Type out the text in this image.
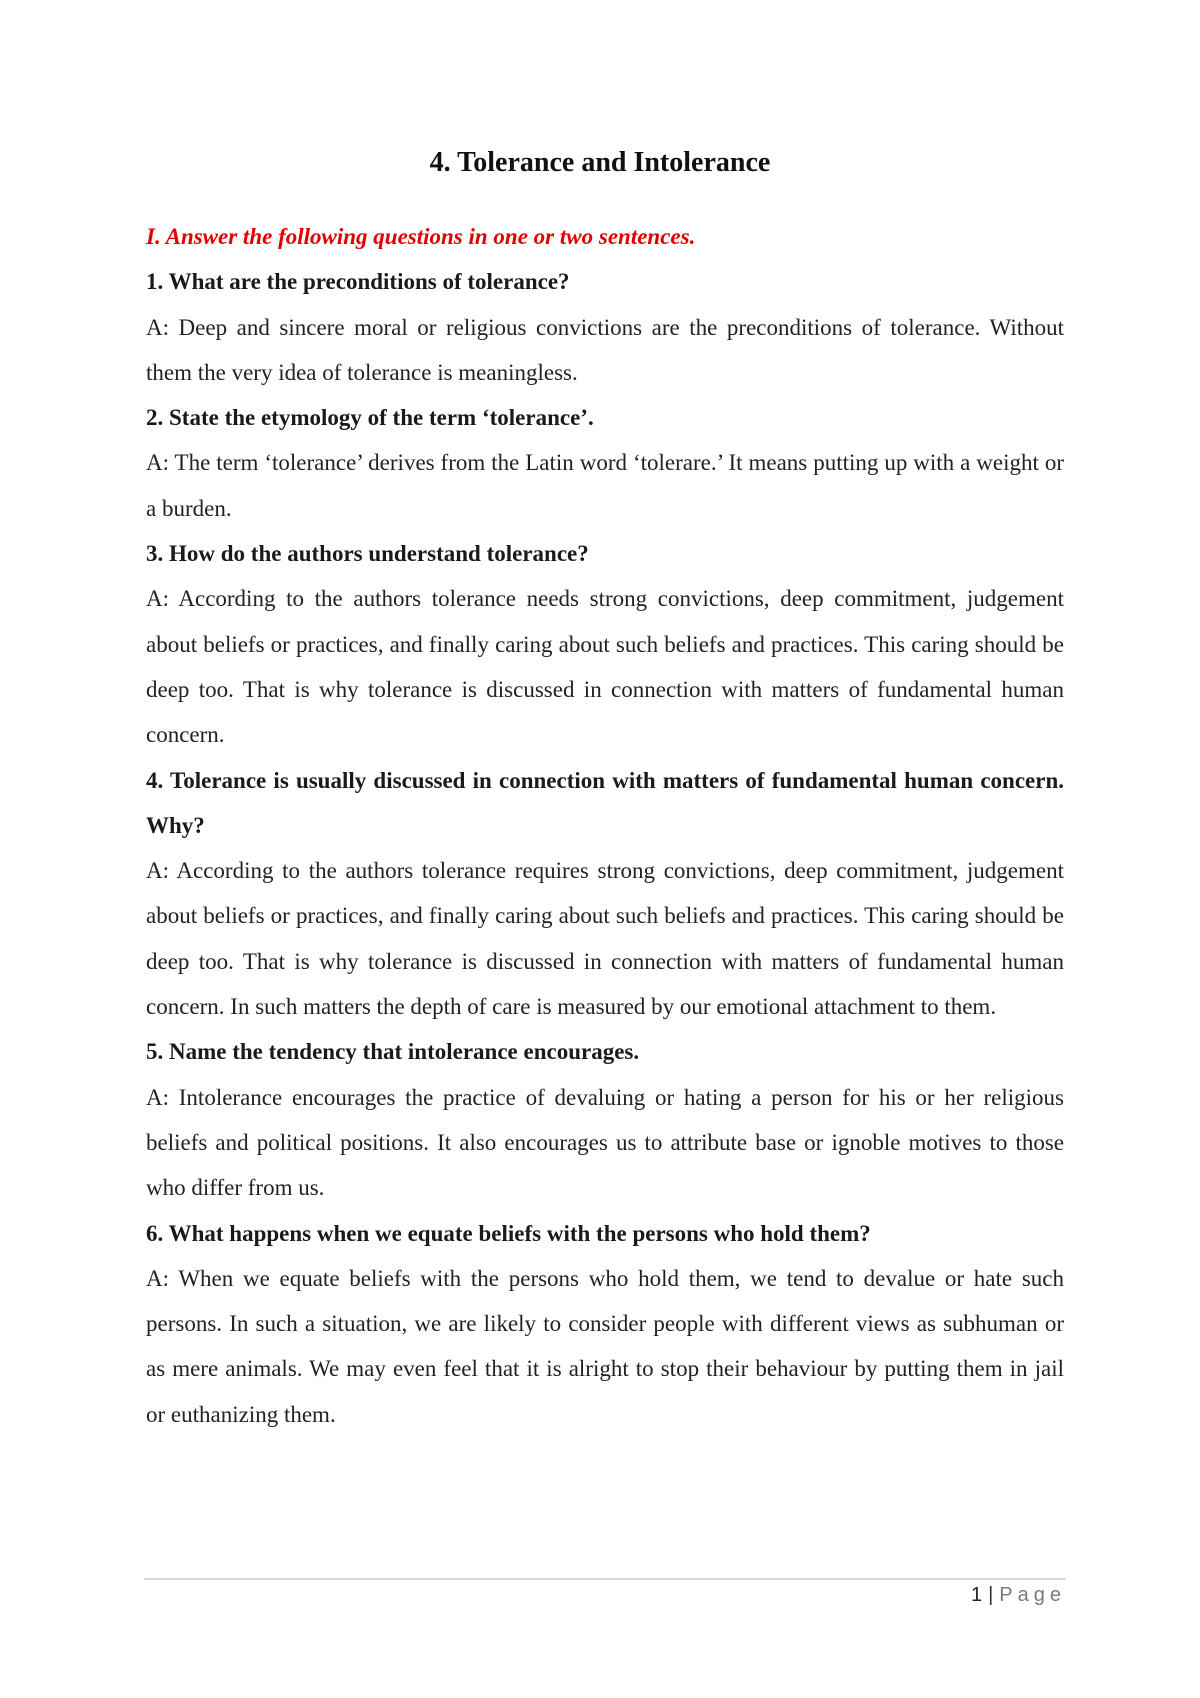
4. Tolerance and Intolerance

I. Answer the following questions in one or two sentences.

1. What are the preconditions of tolerance?

A: Deep and sincere moral or religious convictions are the preconditions of tolerance. Without them the very idea of tolerance is meaningless.

2. State the etymology of the term ‘tolerance’.

A: The term ‘tolerance’ derives from the Latin word ‘tolerare.’ It means putting up with a weight or a burden.

3. How do the authors understand tolerance?

A: According to the authors tolerance needs strong convictions, deep commitment, judgement about beliefs or practices, and finally caring about such beliefs and practices. This caring should be deep too. That is why tolerance is discussed in connection with matters of fundamental human concern.

4. Tolerance is usually discussed in connection with matters of fundamental human concern. Why?

A: According to the authors tolerance requires strong convictions, deep commitment, judgement about beliefs or practices, and finally caring about such beliefs and practices. This caring should be deep too. That is why tolerance is discussed in connection with matters of fundamental human concern. In such matters the depth of care is measured by our emotional attachment to them.

5. Name the tendency that intolerance encourages.

A: Intolerance encourages the practice of devaluing or hating a person for his or her religious beliefs and political positions. It also encourages us to attribute base or ignoble motives to those who differ from us.

6. What happens when we equate beliefs with the persons who hold them?

A: When we equate beliefs with the persons who hold them, we tend to devalue or hate such persons. In such a situation, we are likely to consider people with different views as subhuman or as mere animals. We may even feel that it is alright to stop their behaviour by putting them in jail or euthanizing them.

1 | Page
